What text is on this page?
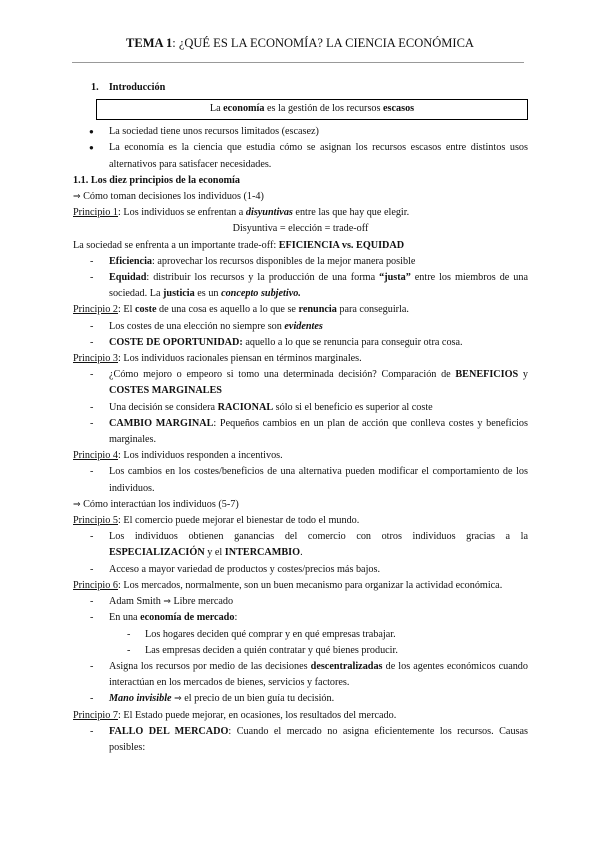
TEMA 1: ¿QUÉ ES LA ECONOMÍA? LA CIENCIA ECONÓMICA

1. Introducción

La economía es la gestión de los recursos escasos
● La sociedad tiene unos recursos limitados (escasez)
● La economía es la ciencia que estudia cómo se asignan los recursos escasos entre distintos usos alternativos para satisfacer necesidades.

1.1. Los diez principios de la economía

⇒ Cómo toman decisiones los individuos (1-4)

Principio 1: Los individuos se enfrentan a disyuntivas entre las que hay que elegir.

Disyuntiva = elección = trade-off

La sociedad se enfrenta a un importante trade-off: EFICIENCIA vs. EQUIDAD

- Eficiencia: aprovechar los recursos disponibles de la mejor manera posible

- Equidad: distribuir los recursos y la producción de una forma “justa” entre los miembros de una sociedad. La justicia es un concepto subjetivo.

Principio 2: El coste de una cosa es aquello a lo que se renuncia para conseguirla.

- Los costes de una elección no siempre son evidentes

- COSTE DE OPORTUNIDAD: aquello a lo que se renuncia para conseguir otra cosa.

Principio 3: Los individuos racionales piensan en términos marginales.

- ¿Cómo mejoro o empeoro si tomo una determinada decisión? Comparación de BENEFICIOS y COSTES MARGINALES

- Una decisión se considera RACIONAL sólo si el beneficio es superior al coste

- CAMBIO MARGINAL: Pequeños cambios en un plan de acción que conlleva costes y beneficios marginales.

Principio 4: Los individuos responden a incentivos.

- Los cambios en los costes/beneficios de una alternativa pueden modificar el comportamiento de los individuos.

⇒ Cómo interactúan los individuos (5-7)

Principio 5: El comercio puede mejorar el bienestar de todo el mundo.

- Los individuos obtienen ganancias del comercio con otros individuos gracias a la ESPECIALIZACIÓN y el INTERCAMBIO.

- Acceso a mayor variedad de productos y costes/precios más bajos.

Principio 6: Los mercados, normalmente, son un buen mecanismo para organizar la actividad económica.

- Adam Smith ⇒ Libre mercado

- En una economía de mercado:

- Los hogares deciden qué comprar y en qué empresas trabajar.

- Las empresas deciden a quién contratar y qué bienes producir.

- Asigna los recursos por medio de las decisiones descentralizadas de los agentes económicos cuando interactúan en los mercados de bienes, servicios y factores.

- Mano invisible ⇒ el precio de un bien guía tu decisión.

Principio 7: El Estado puede mejorar, en ocasiones, los resultados del mercado.

- FALLO DEL MERCADO: Cuando el mercado no asigna eficientemente los recursos. Causas posibles:
